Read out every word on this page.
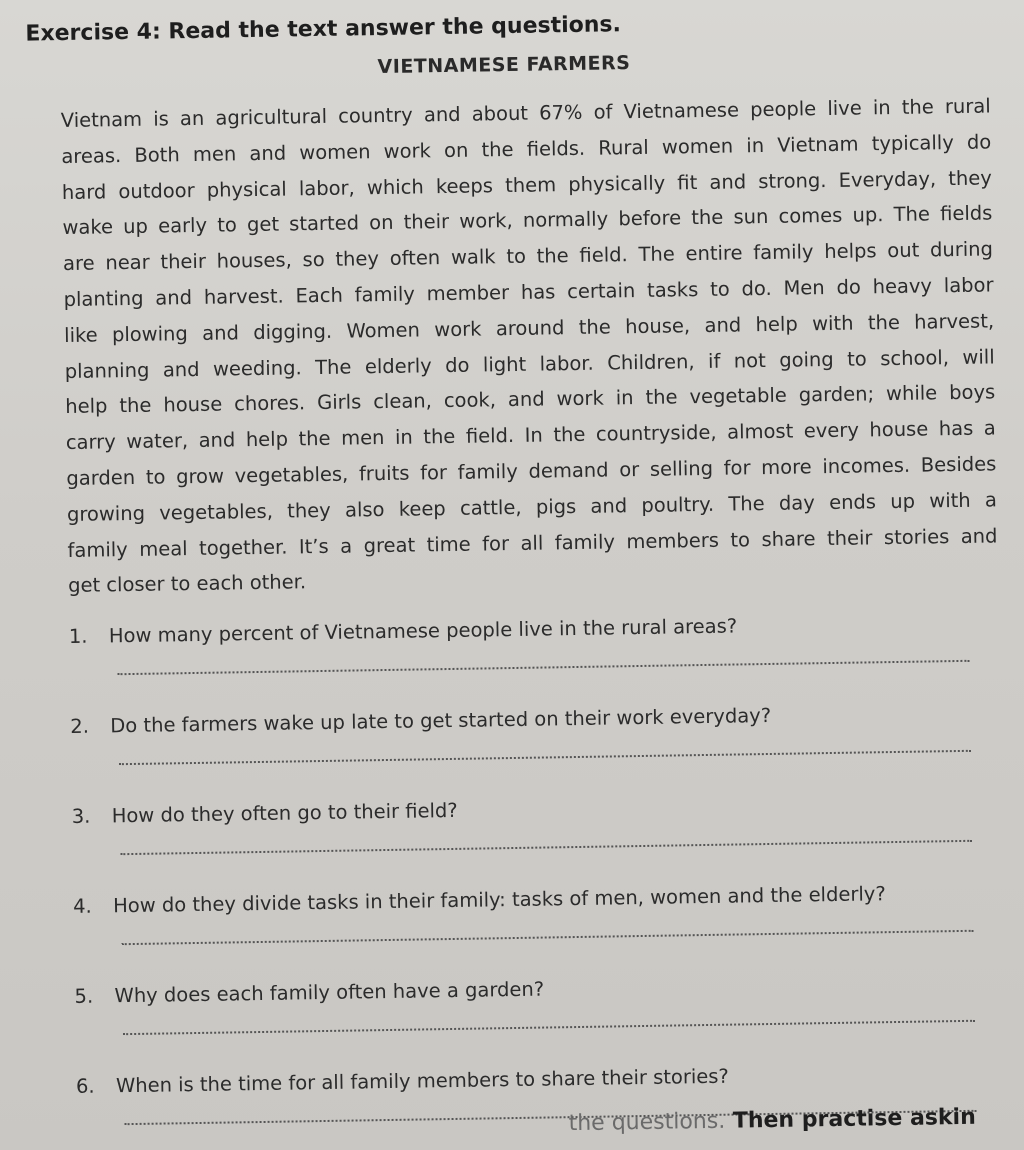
Exercise 4: Read the text answer the questions.
VIETNAMESE FARMERS
Vietnam is an agricultural country and about 67% of Vietnamese people live in the rural
areas. Both men and women work on the fields. Rural women in Vietnam typically do
hard outdoor physical labor, which keeps them physically fit and strong. Everyday, they
wake up early to get started on their work, normally before the sun comes up. The fields
are near their houses, so they often walk to the field. The entire family helps out during
planting and harvest. Each family member has certain tasks to do. Men do heavy labor
like plowing and digging. Women work around the house, and help with the harvest,
planning and weeding. The elderly do light labor. Children, if not going to school, will
help the house chores. Girls clean, cook, and work in the vegetable garden; while boys
carry water, and help the men in the field. In the countryside, almost every house has a
garden to grow vegetables, fruits for family demand or selling for more incomes. Besides
growing vegetables, they also keep cattle, pigs and poultry. The day ends up with a
family meal together. It’s a great time for all family members to share their stories and
get closer to each other.
1. How many percent of Vietnamese people live in the rural areas?
2. Do the farmers wake up late to get started on their work everyday?
3. How do they often go to their field?
4. How do they divide tasks in their family: tasks of men, women and the elderly?
5. Why does each family often have a garden?
6. When is the time for all family members to share their stories?
the questions. Then practise askin
